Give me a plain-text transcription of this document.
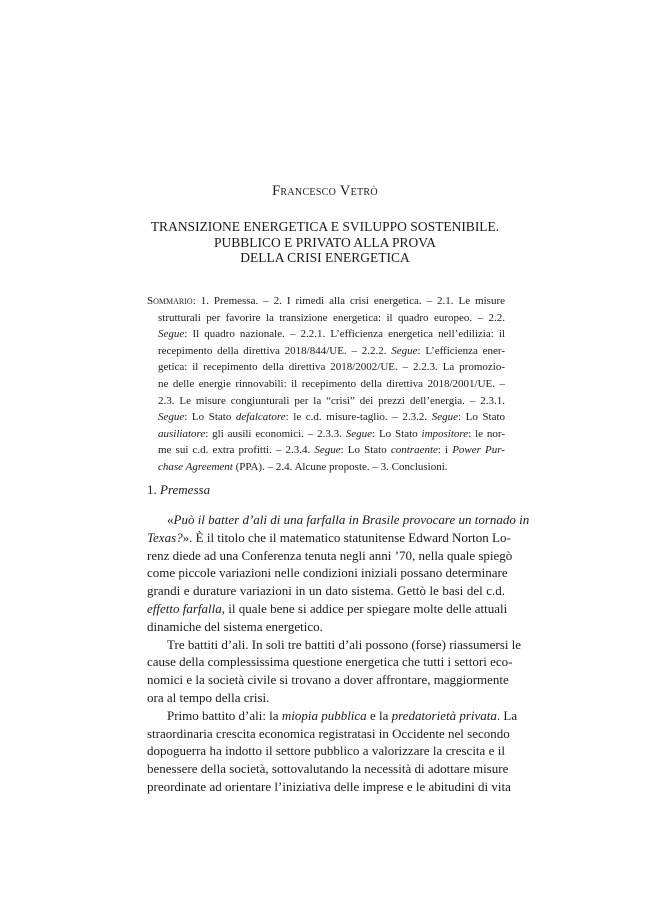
Francesco Vetrò
TRANSIZIONE ENERGETICA E SVILUPPO SOSTENIBILE.
PUBBLICO E PRIVATO ALLA PROVA
DELLA CRISI ENERGETICA
Sommario: 1. Premessa. – 2. I rimedi alla crisi energetica. – 2.1. Le misure
strutturali per favorire la transizione energetica: il quadro europeo. – 2.2.
Segue: Il quadro nazionale. – 2.2.1. L’efficienza energetica nell’edilizia: il
recepimento della direttiva 2018/844/UE. – 2.2.2. Segue: L’efficienza ener-
getica: il recepimento della direttiva 2018/2002/UE. – 2.2.3. La promozio-
ne delle energie rinnovabili: il recepimento della direttiva 2018/2001/UE. –
2.3. Le misure congiunturali per la “crisi” dei prezzi dell’energia. – 2.3.1.
Segue: Lo Stato defalcatore: le c.d. misure-taglio. – 2.3.2. Segue: Lo Stato
ausiliatore: gli ausili economici. – 2.3.3. Segue: Lo Stato impositore: le nor-
me sui c.d. extra profitti. – 2.3.4. Segue: Lo Stato contraente: i Power Pur-
chase Agreement (PPA). – 2.4. Alcune proposte. – 3. Conclusioni.
1. Premessa
«Può il batter d’ali di una farfalla in Brasile provocare un tornado in
Texas?». È il titolo che il matematico statunitense Edward Norton Lo-
renz diede ad una Conferenza tenuta negli anni ’70, nella quale spiegò
come piccole variazioni nelle condizioni iniziali possano determinare
grandi e durature variazioni in un dato sistema. Gettò le basi del c.d.
effetto farfalla, il quale bene si addice per spiegare molte delle attuali
dinamiche del sistema energetico.
Tre battiti d’ali. In soli tre battiti d’ali possono (forse) riassumersi le
cause della complessissima questione energetica che tutti i settori eco-
nomici e la società civile si trovano a dover affrontare, maggiormente
ora al tempo della crisi.
Primo battito d’ali: la miopia pubblica e la predatorietà privata. La
straordinaria crescita economica registratasi in Occidente nel secondo
dopoguerra ha indotto il settore pubblico a valorizzare la crescita e il
benessere della società, sottovalutando la necessità di adottare misure
preordinate ad orientare l’iniziativa delle imprese e le abitudini di vita
